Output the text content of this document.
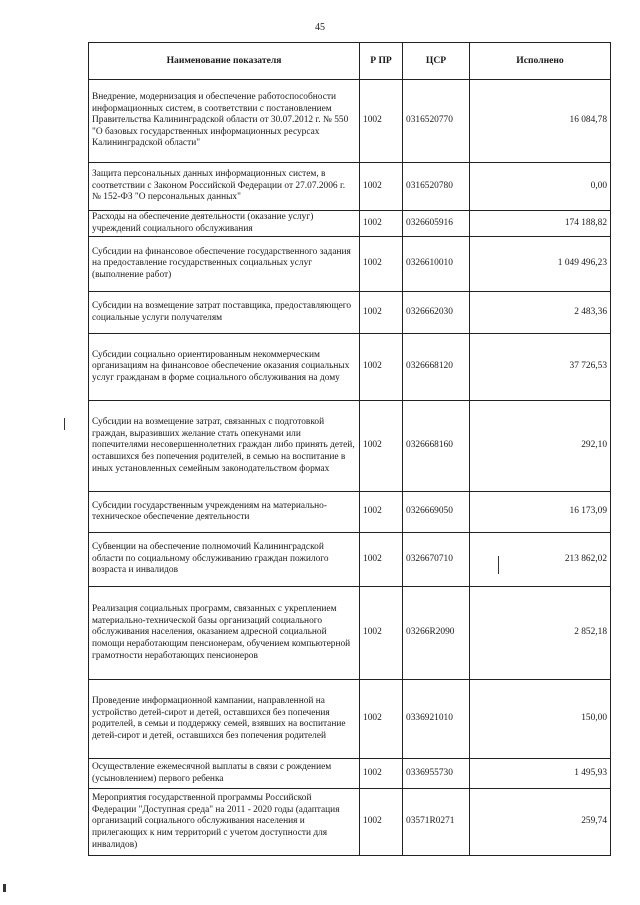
45
Наименование показателя	Р ПР	ЦСР	Исполнено
Внедрение, модернизация и обеспечение работоспособности информационных систем, в соответствии с постановлением Правительства Калининградской области от 30.07.2012 г. № 550 "О базовых государственных информационных ресурсах Калининградской области"	1002	0316520770	16 084,78
Защита персональных данных информационных систем, в соответствии с Законом Российской Федерации от 27.07.2006 г. № 152-ФЗ "О персональных данных"	1002	0316520780	0,00
Расходы на обеспечение деятельности (оказание услуг) учреждений социального обслуживания	1002	0326605916	174 188,82
Субсидии на финансовое обеспечение государственного задания на предоставление государственных социальных услуг (выполнение работ)	1002	0326610010	1 049 496,23
Субсидии на возмещение затрат поставщика, предоставляющего социальные услуги получателям	1002	0326662030	2 483,36
Субсидии социально ориентированным некоммерческим организациям на финансовое обеспечение оказания социальных услуг гражданам в форме социального обслуживания на дому	1002	0326668120	37 726,53
Субсидии на возмещение затрат, связанных с подготовкой граждан, выразивших желание стать опекунами или попечителями несовершеннолетних граждан либо принять детей, оставшихся без попечения родителей, в семью на воспитание в иных установленных семейным законодательством формах	1002	0326668160	292,10
Субсидии государственным учреждениям на материально-техническое обеспечение деятельности	1002	0326669050	16 173,09
Субвенции на обеспечение полномочий Калининградской области по социальному обслуживанию граждан пожилого возраста и инвалидов	1002	0326670710	213 862,02
Реализация социальных программ, связанных с укреплением материально-технической базы организаций социального обслуживания населения, оказанием адресной социальной помощи неработающим пенсионерам, обучением компьютерной грамотности неработающих пенсионеров	1002	03266R2090	2 852,18
Проведение информационной кампании, направленной на устройство детей-сирот и детей, оставшихся без попечения родителей, в семьи и поддержку семей, взявших на воспитание детей-сирот и детей, оставшихся без попечения родителей	1002	0336921010	150,00
Осуществление ежемесячной выплаты в связи с рождением (усыновлением) первого ребенка	1002	0336955730	1 495,93
Мероприятия государственной программы Российской Федерации "Доступная среда" на 2011 - 2020 годы (адаптация организаций социального обслуживания населения и прилегающих к ним территорий с учетом доступности для инвалидов)	1002	03571R0271	259,74
